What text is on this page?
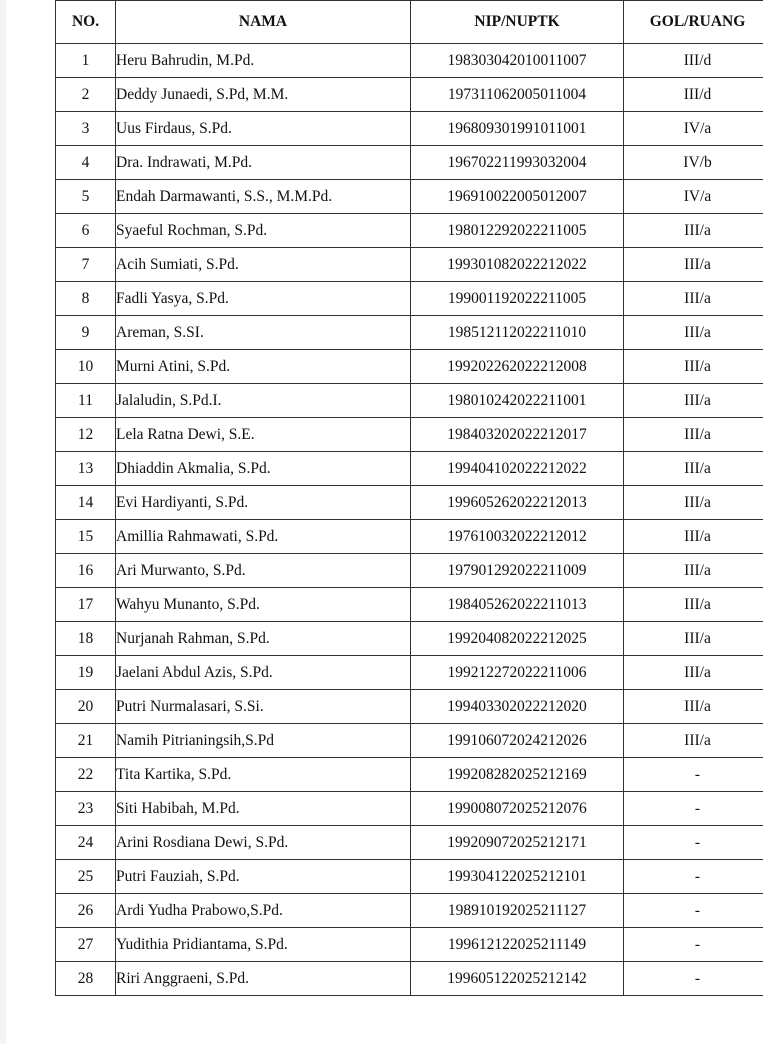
NO.	NAMA	NIP/NUPTK	GOL/RUANG
1	Heru Bahrudin, M.Pd.	198303042010011007	III/d
2	Deddy Junaedi, S.Pd, M.M.	197311062005011004	III/d
3	Uus Firdaus, S.Pd.	196809301991011001	IV/a
4	Dra. Indrawati, M.Pd.	196702211993032004	IV/b
5	Endah Darmawanti, S.S., M.M.Pd.	196910022005012007	IV/a
6	Syaeful Rochman, S.Pd.	198012292022211005	III/a
7	Acih Sumiati, S.Pd.	199301082022212022	III/a
8	Fadli Yasya, S.Pd.	199001192022211005	III/a
9	Areman, S.SI.	198512112022211010	III/a
10	Murni Atini, S.Pd.	199202262022212008	III/a
11	Jalaludin, S.Pd.I.	198010242022211001	III/a
12	Lela Ratna Dewi, S.E.	198403202022212017	III/a
13	Dhiaddin Akmalia, S.Pd.	199404102022212022	III/a
14	Evi Hardiyanti, S.Pd.	199605262022212013	III/a
15	Amillia Rahmawati, S.Pd.	197610032022212012	III/a
16	Ari Murwanto, S.Pd.	197901292022211009	III/a
17	Wahyu Munanto, S.Pd.	198405262022211013	III/a
18	Nurjanah Rahman, S.Pd.	199204082022212025	III/a
19	Jaelani Abdul Azis, S.Pd.	199212272022211006	III/a
20	Putri Nurmalasari, S.Si.	199403302022212020	III/a
21	Namih Pitrianingsih,S.Pd	199106072024212026	III/a
22	Tita Kartika, S.Pd.	199208282025212169	-
23	Siti Habibah, M.Pd.	199008072025212076	-
24	Arini Rosdiana Dewi, S.Pd.	199209072025212171	-
25	Putri Fauziah, S.Pd.	199304122025212101	-
26	Ardi Yudha Prabowo,S.Pd.	198910192025211127	-
27	Yudithia Pridiantama, S.Pd.	199612122025211149	-
28	Riri Anggraeni, S.Pd.	199605122025212142	-
